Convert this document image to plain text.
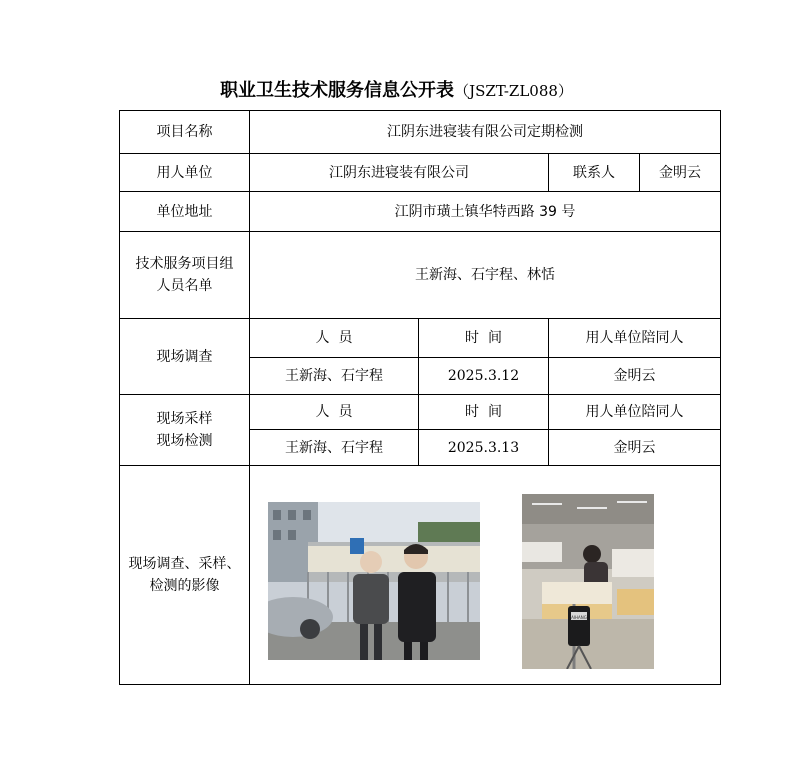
职业卫生技术服务信息公开表（JSZT-ZL088）
项目名称	江阴东进寝装有限公司定期检测			
用人单位	江阴东进寝装有限公司		联系人	金明云
单位地址	江阴市璜土镇华特西路 39 号			

技术服务项目组
人员名单	王新海、石宇程、林恬			
现场调查	人  员	时  间	用人单位陪同人	
	王新海、石宇程	2025.3.12	金明云	

现场采样
现场检测	人  员	时  间	用人单位陪同人	
	王新海、石宇程	2025.3.13	金明云	

现场调查、采样、
检测的影像	AIHANG			
